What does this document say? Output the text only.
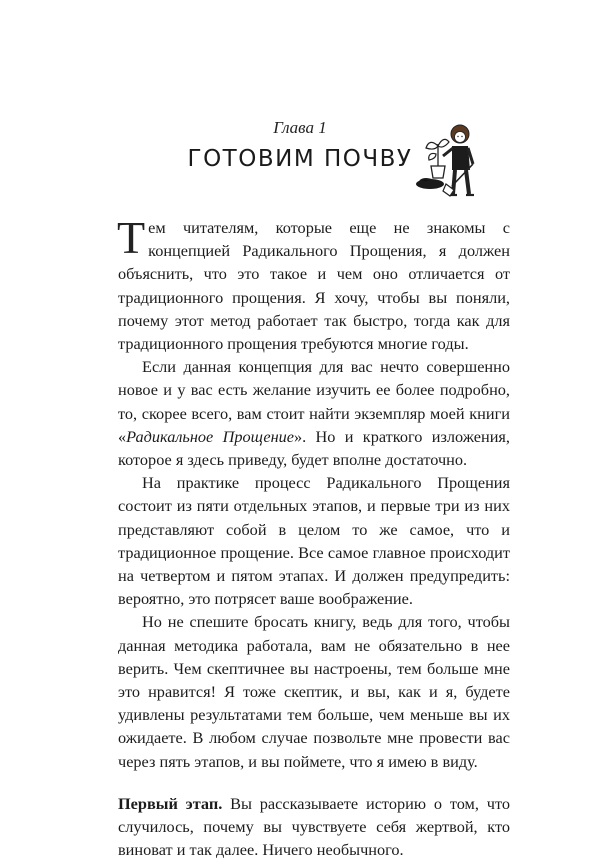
Глава 1
ГОТОВИМ ПОЧВУ

Тем читателям, которые еще не знакомы с концепцией Радикального Прощения, я должен объяснить, что это такое и чем оно отличается от традиционного прощения. Я хочу, чтобы вы поняли, почему этот метод работает так быстро, тогда как для традиционного прощения требуются многие годы.

Если данная концепция для вас нечто совершенно новое и у вас есть желание изучить ее более подробно, то, скорее всего, вам стоит найти экземпляр моей книги «Радикальное Прощение». Но и краткого изложения, которое я здесь приведу, будет вполне достаточно.

На практике процесс Радикального Прощения состоит из пяти отдельных этапов, и первые три из них представляют собой в целом то же самое, что и традиционное прощение. Все самое главное происходит на четвертом и пятом этапах. И должен предупредить: вероятно, это потрясет ваше воображение.

Но не спешите бросать книгу, ведь для того, чтобы данная методика работала, вам не обязательно в нее верить. Чем скептичнее вы настроены, тем больше мне это нравится! Я тоже скептик, и вы, как и я, будете удивлены результатами тем больше, чем меньше вы их ожидаете. В любом случае позвольте мне провести вас через пять этапов, и вы поймете, что я имею в виду.

Первый этап. Вы рассказываете историю о том, что случилось, почему вы чувствуете себя жертвой, кто виноват и так далее. Ничего необычного.
